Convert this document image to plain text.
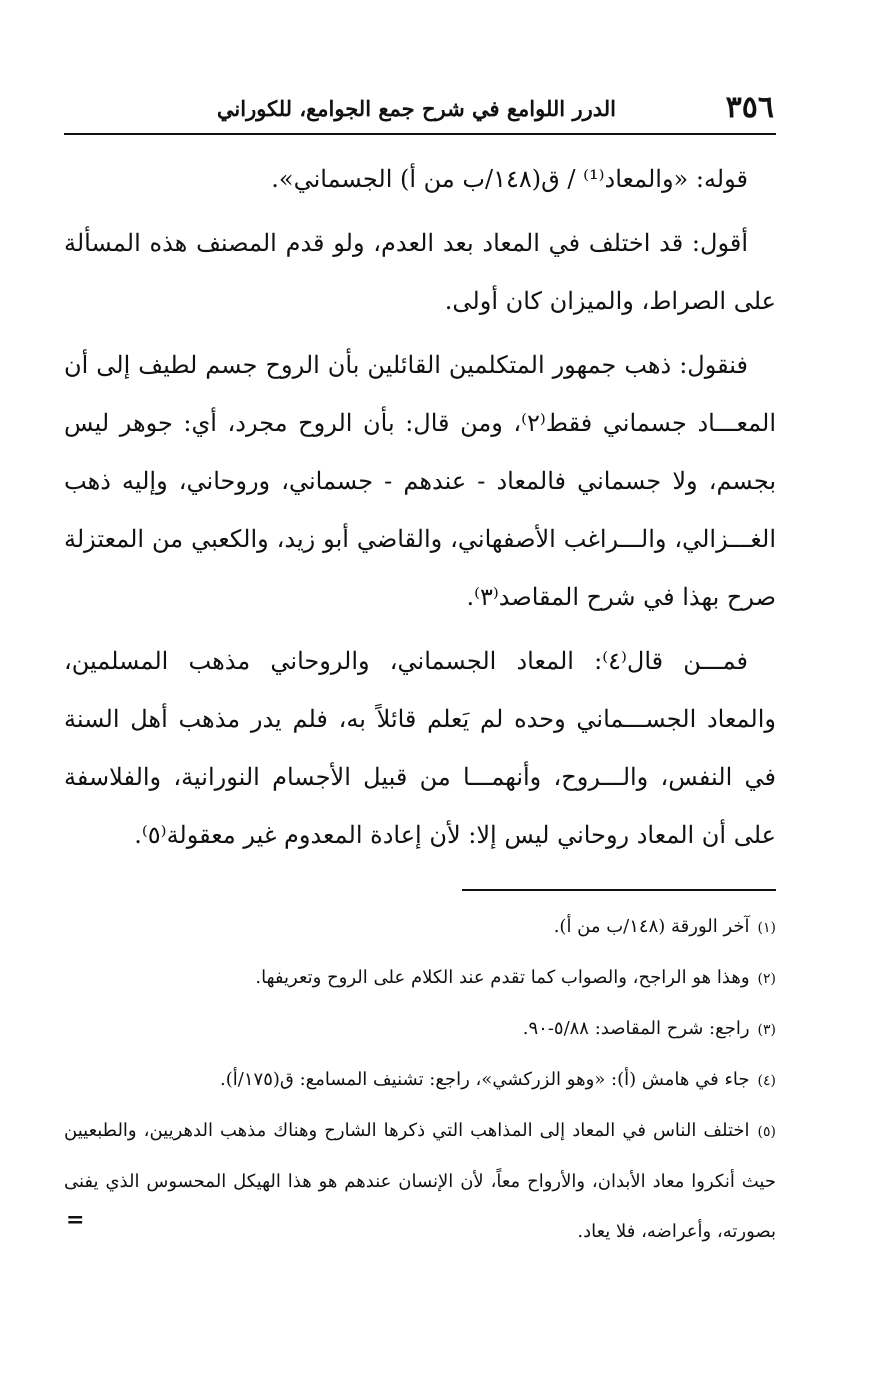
٣٥٦
الدرر اللوامع في شرح جمع الجوامع، للكوراني

قوله: «والمعاد⁽¹⁾ / ق(١٤٨/ب من أ) الجسماني».

أقول: قد اختلف في المعاد بعد العدم، ولو قدم المصنف هذه المسألة على الصراط، والميزان كان أولى.

فنقول: ذهب جمهور المتكلمين القائلين بأن الروح جسم لطيف إلى أن المعـــاد جسماني فقط⁽٢⁾، ومن قال: بأن الروح مجرد، أي: جوهر ليس بجسم، ولا جسماني فالمعاد - عندهم - جسماني، وروحاني، وإليه ذهب الغـــزالي، والـــراغب الأصفهاني، والقاضي أبو زيد، والكعبي من المعتزلة صرح بهذا في شرح المقاصد⁽٣⁾.

فمـــن قال⁽٤⁾: المعاد الجسماني، والروحاني مذهب المسلمين، والمعاد الجســـماني وحده لم يَعلم قائلاً به، فلم يدر مذهب أهل السنة في النفس، والـــروح، وأنهمـــا من قبيل الأجسام النورانية، والفلاسفة على أن المعاد روحاني ليس إلا: لأن إعادة المعدوم غير معقولة⁽٥⁾.

(١)آخر الورقة (١٤٨/ب من أ).

(٢)وهذا هو الراجح، والصواب كما تقدم عند الكلام على الروح وتعريفها.

(٣)راجع: شرح المقاصد: ٥/٨٨-٩٠.

(٤)جاء في هامش (أ): «وهو الزركشي»، راجع: تشنيف المسامع: ق(١٧٥/أ).

(٥)اختلف الناس في المعاد إلى المذاهب التي ذكرها الشارح وهناك مذهب الدهريين، والطبعيين حيث أنكروا معاد الأبدان، والأرواح معاً، لأن الإنسان عندهم هو هذا الهيكل المحسوس الذي يفنى بصورته، وأعراضه، فلا يعاد.

=
